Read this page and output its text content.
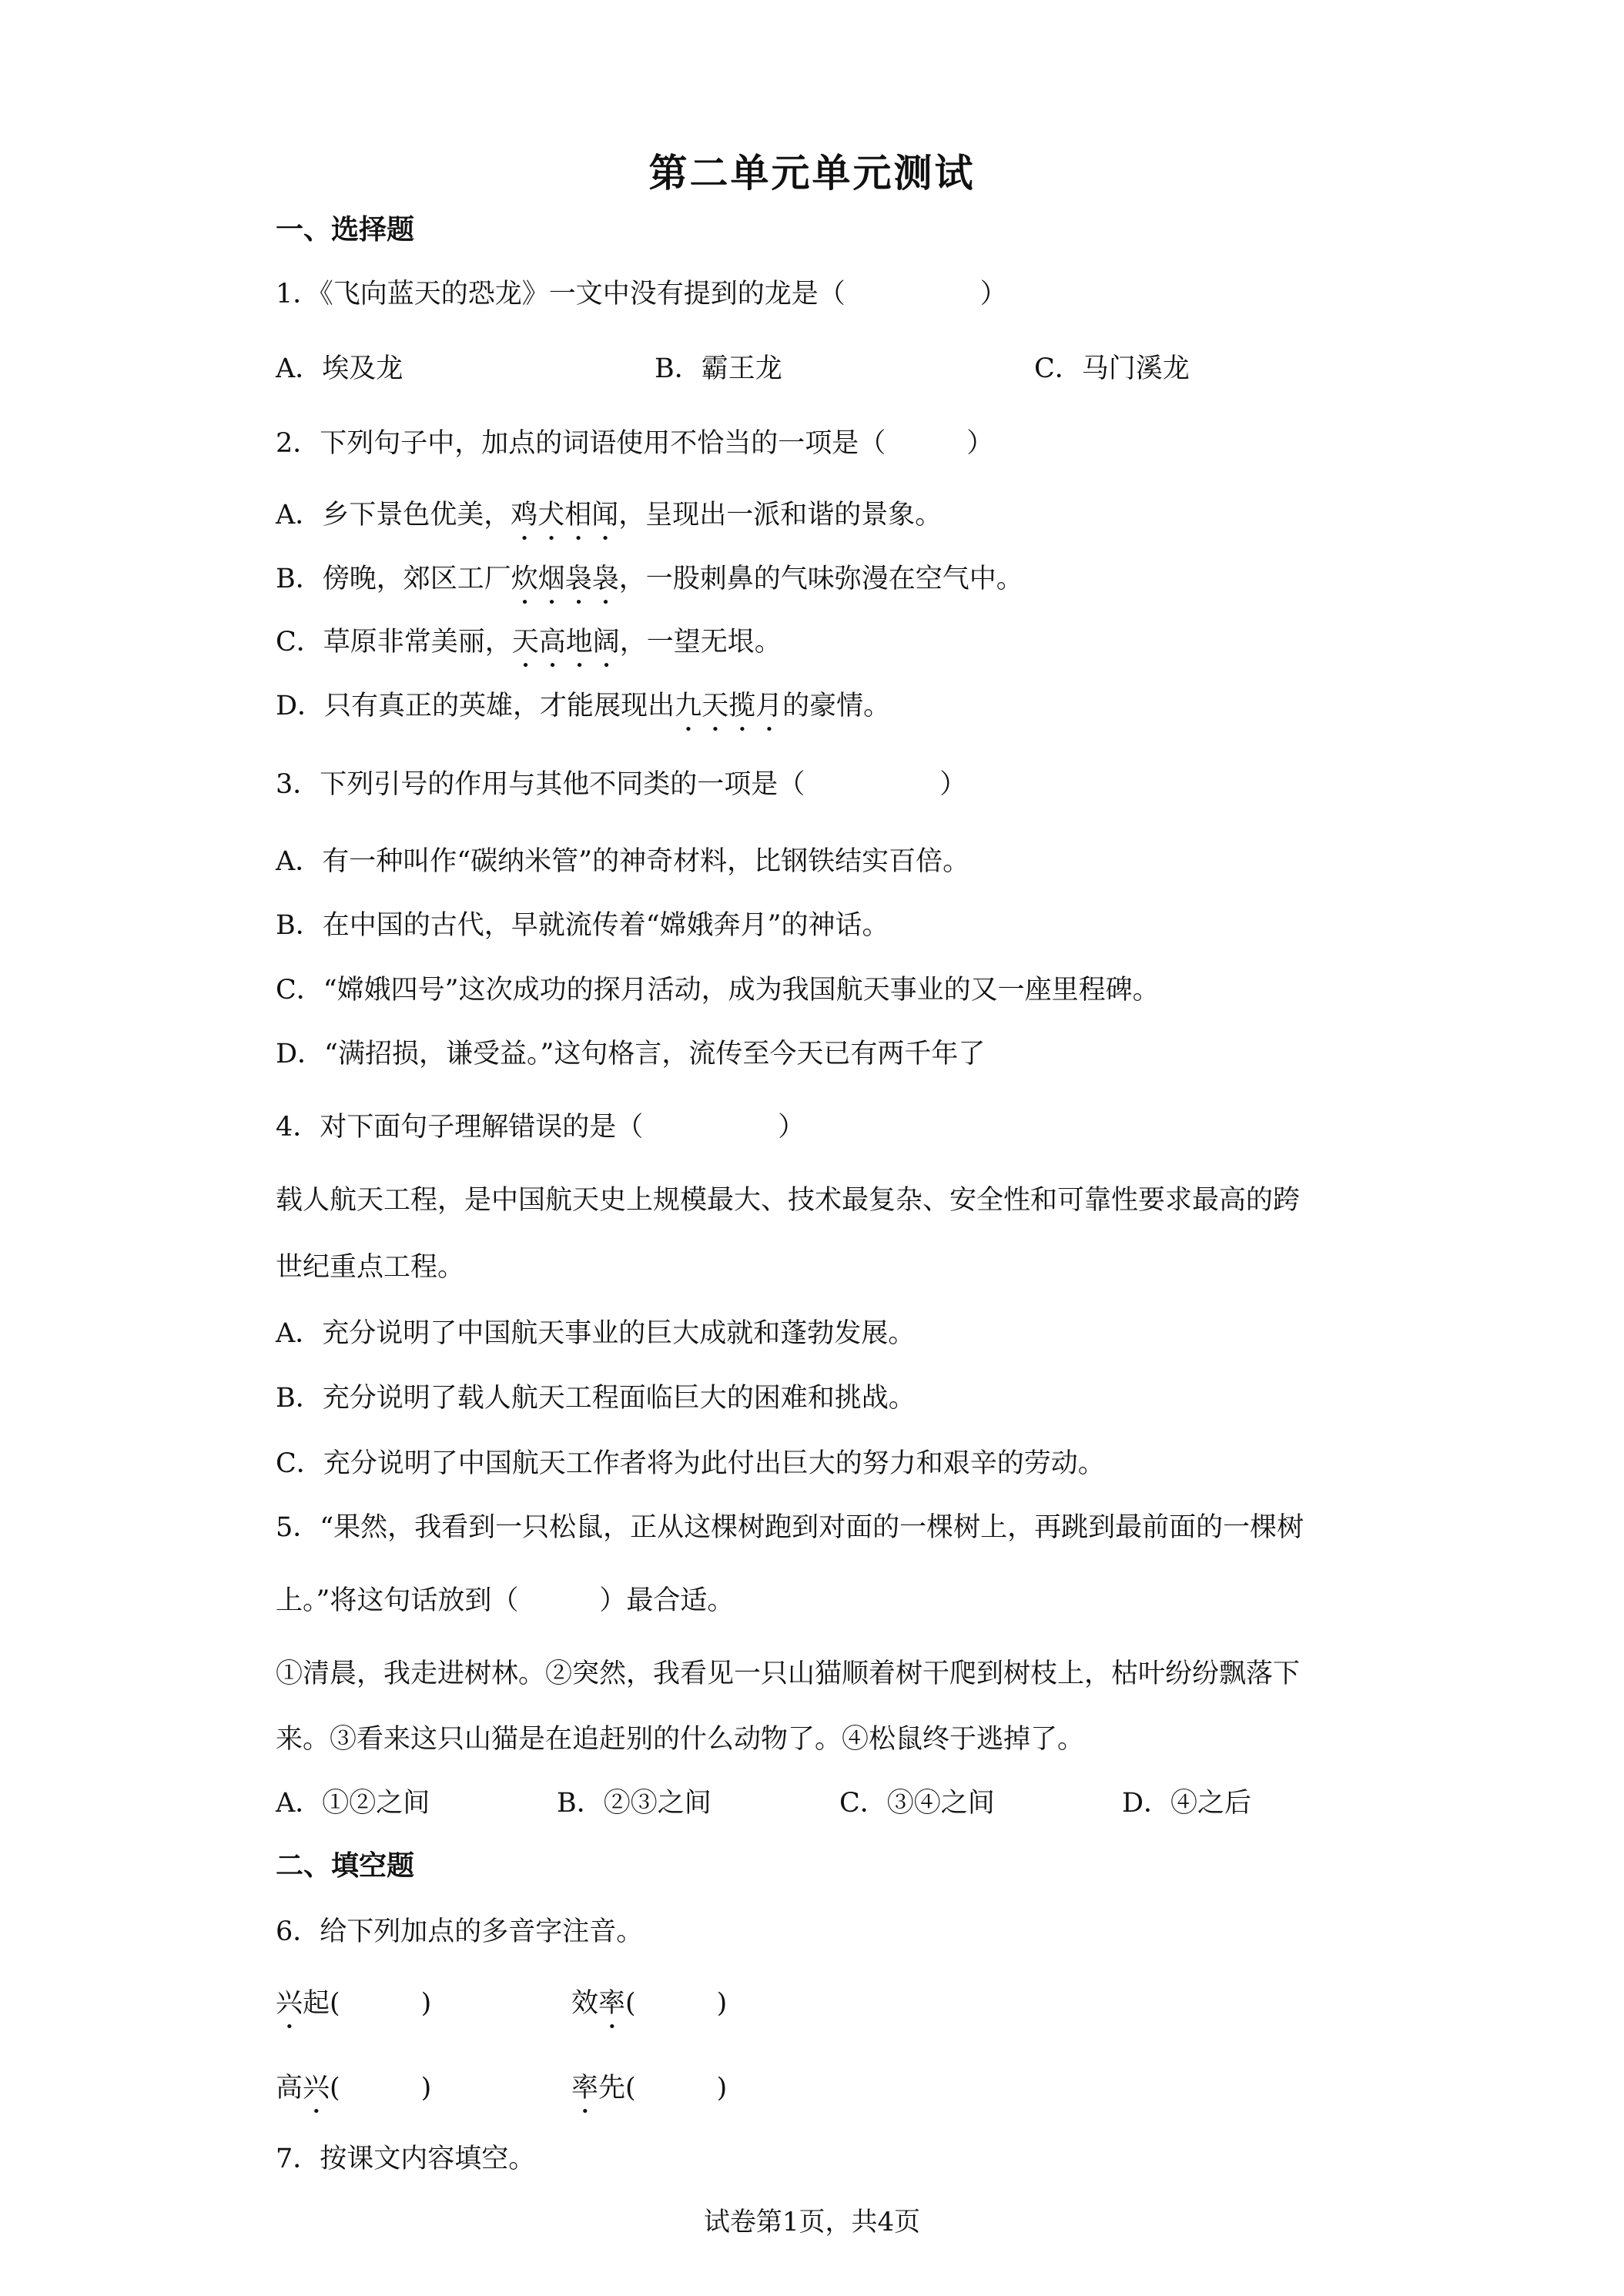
第二单元单元测试
一、选择题
1．《飞向蓝天的恐龙》一文中没有提到的龙是（　　　　　）
A．埃及龙	B．霸王龙	C．马门溪龙
2．下列句子中，加点的词语使用不恰当的一项是（　　　）
A．乡下景色优美，鸡犬相闻，呈现出一派和谐的景象。
B．傍晚，郊区工厂炊烟袅袅，一股刺鼻的气味弥漫在空气中。
C．草原非常美丽，天高地阔，一望无垠。
D．只有真正的英雄，才能展现出九天揽月的豪情。
3．下列引号的作用与其他不同类的一项是（　　　　　）
A．有一种叫作“碳纳米管”的神奇材料，比钢铁结实百倍。
B．在中国的古代，早就流传着“嫦娥奔月”的神话。
C．“嫦娥四号”这次成功的探月活动，成为我国航天事业的又一座里程碑。
D．“满招损，谦受益。”这句格言，流传至今天已有两千年了
4．对下面句子理解错误的是（　　　　　）
载人航天工程，是中国航天史上规模最大、技术最复杂、安全性和可靠性要求最高的跨
世纪重点工程。
A．充分说明了中国航天事业的巨大成就和蓬勃发展。
B．充分说明了载人航天工程面临巨大的困难和挑战。
C．充分说明了中国航天工作者将为此付出巨大的努力和艰辛的劳动。
5．“果然，我看到一只松鼠，正从这棵树跑到对面的一棵树上，再跳到最前面的一棵树
上。”将这句话放到（　　　）最合适。
①清晨，我走进树林。②突然，我看见一只山猫顺着树干爬到树枝上，枯叶纷纷飘落下
来。③看来这只山猫是在追赶别的什么动物了。④松鼠终于逃掉了。
A．①②之间	B．②③之间	C．③④之间	D．④之后
二、填空题
6．给下列加点的多音字注音。
兴起(　　　)	效率(　　　)
高兴(　　　)	率先(　　　)
7．按课文内容填空。
试卷第1页，共4页
